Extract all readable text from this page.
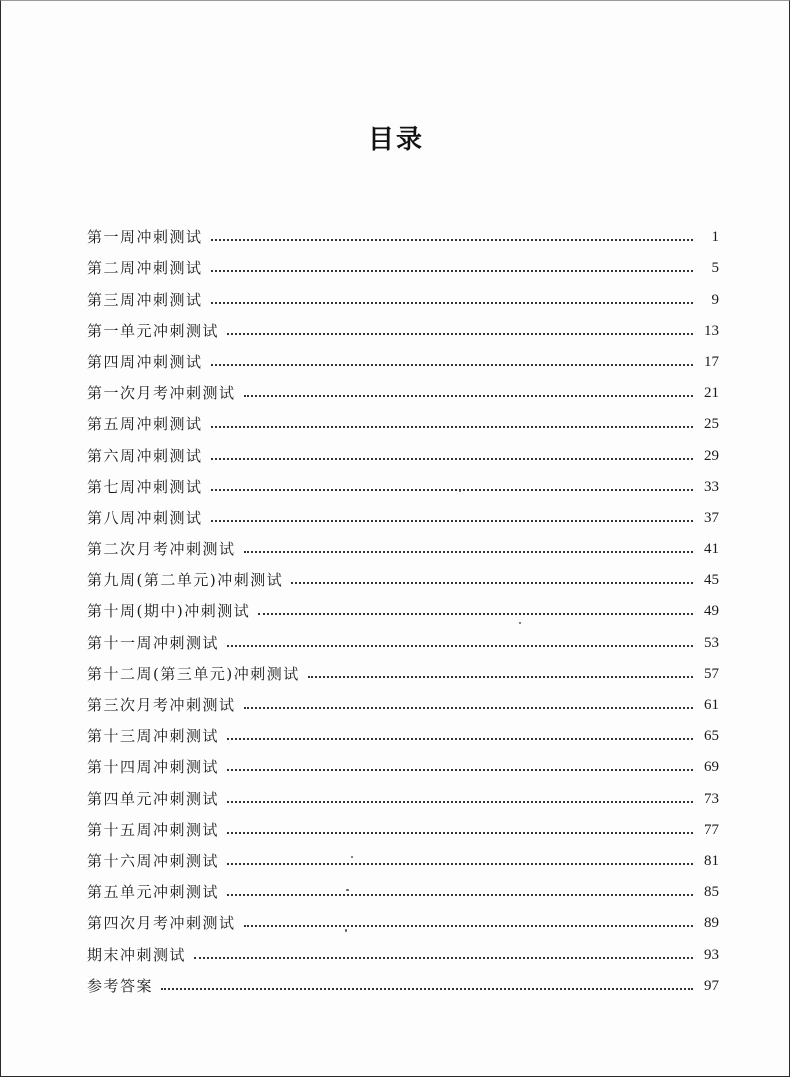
目录
第一周冲刺测试	1
第二周冲刺测试	5
第三周冲刺测试	9
第一单元冲刺测试	13
第四周冲刺测试	17
第一次月考冲刺测试	21
第五周冲刺测试	25
第六周冲刺测试	29
第七周冲刺测试	33
第八周冲刺测试	37
第二次月考冲刺测试	41
第九周(第二单元)冲刺测试	45
第十周(期中)冲刺测试	49
第十一周冲刺测试	53
第十二周(第三单元)冲刺测试	57
第三次月考冲刺测试	61
第十三周冲刺测试	65
第十四周冲刺测试	69
第四单元冲刺测试	73
第十五周冲刺测试	77
第十六周冲刺测试	81
第五单元冲刺测试	85
第四次月考冲刺测试	89
期末冲刺测试	93
参考答案	97
